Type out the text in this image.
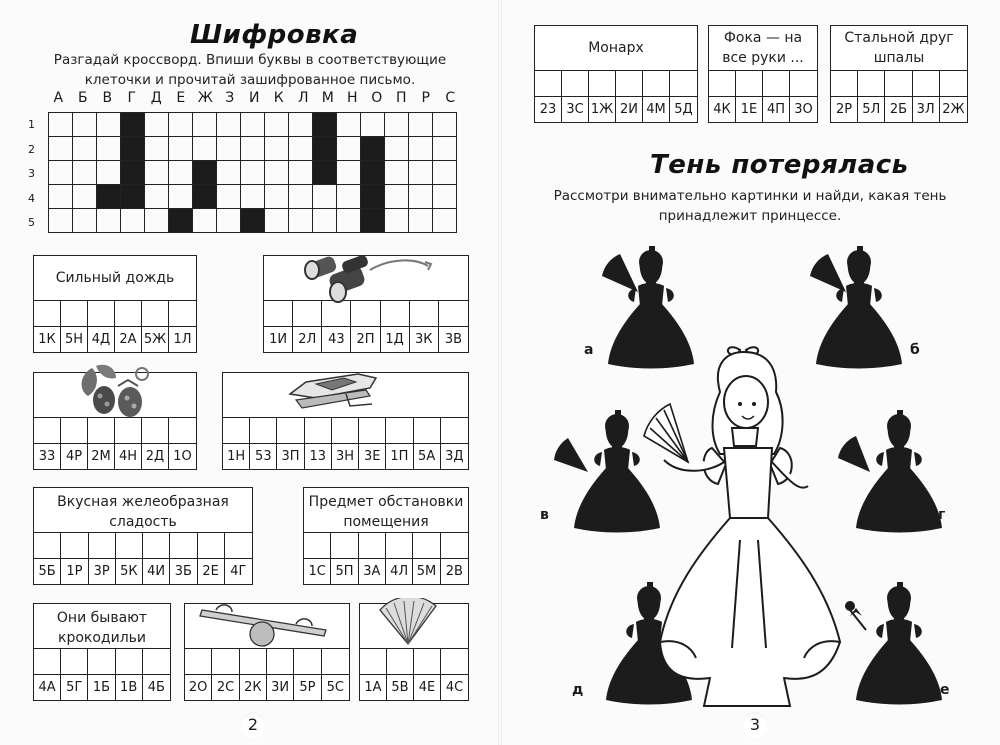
Шифровка
Разгадай кроссворд. Впиши буквы в соответствующие
клеточки и прочитай зашифрованное письмо.
А	Б	В	Г	Д	Е Ж З	И	К	Л М Н О П	Р	С
1
2
3
4
5

Сильный дождь
1К 5Н 4Д 2А 5Ж 1Л	1И 2Л 43 2П 1Д 3К 3В
33 4Р 2М 4Н 2Д 1О	1Н 53 3П 13 3Н 3Е 1П 5А 3Д
Вкусная желеобразная
сладость
5Б 1Р 3Р 5К 4И 3Б 2Е 4Г
Предмет обстановки
помещения
1С 5П 3А 4Л 5М 2В
Они бывают
крокодильи
4А 5Г 1Б 1В 4Б	2О 2С 2К 3И 5Р 5С	1А 5В 4Е 4С
2
Монарх
23 3С 1Ж 2И 4М 5Д
Фока — на
все руки ...
4К 1Е 4П 3О
Стальной друг
шпалы
2Р 5Л 2Б 3Л 2Ж
Тень потерялась
Рассмотри внимательно картинки и найди, какая тень
принадлежит принцессе.
а	б
в	г
д	е
3
